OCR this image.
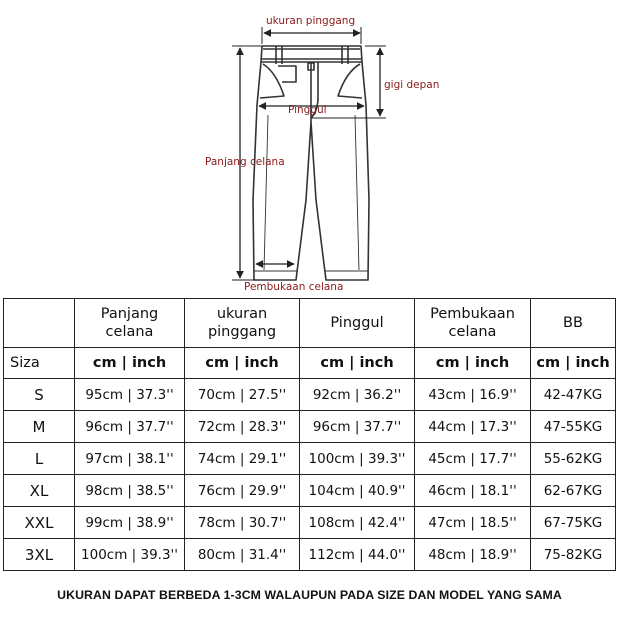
ukuran pinggang
gigi depan
Pinggul
Panjang celana
Pembukaan celana
	Panjang celana	ukuran pinggang	Pinggul	Pembukaan celana	BB
Siza	cm | inch	cm | inch	cm | inch	cm | inch	cm | inch
S	95cm | 37.3''	70cm | 27.5''	92cm | 36.2''	43cm | 16.9''	42-47KG
M	96cm | 37.7''	72cm | 28.3''	96cm | 37.7''	44cm | 17.3''	47-55KG
L	97cm | 38.1''	74cm | 29.1''	100cm | 39.3''	45cm | 17.7''	55-62KG
XL	98cm | 38.5''	76cm | 29.9''	104cm | 40.9''	46cm | 18.1''	62-67KG
XXL	99cm | 38.9''	78cm | 30.7''	108cm | 42.4''	47cm | 18.5''	67-75KG
3XL	100cm | 39.3''	80cm | 31.4''	112cm | 44.0''	48cm | 18.9''	75-82KG
UKURAN DAPAT BERBEDA 1-3CM WALAUPUN PADA SIZE DAN MODEL YANG SAMA
